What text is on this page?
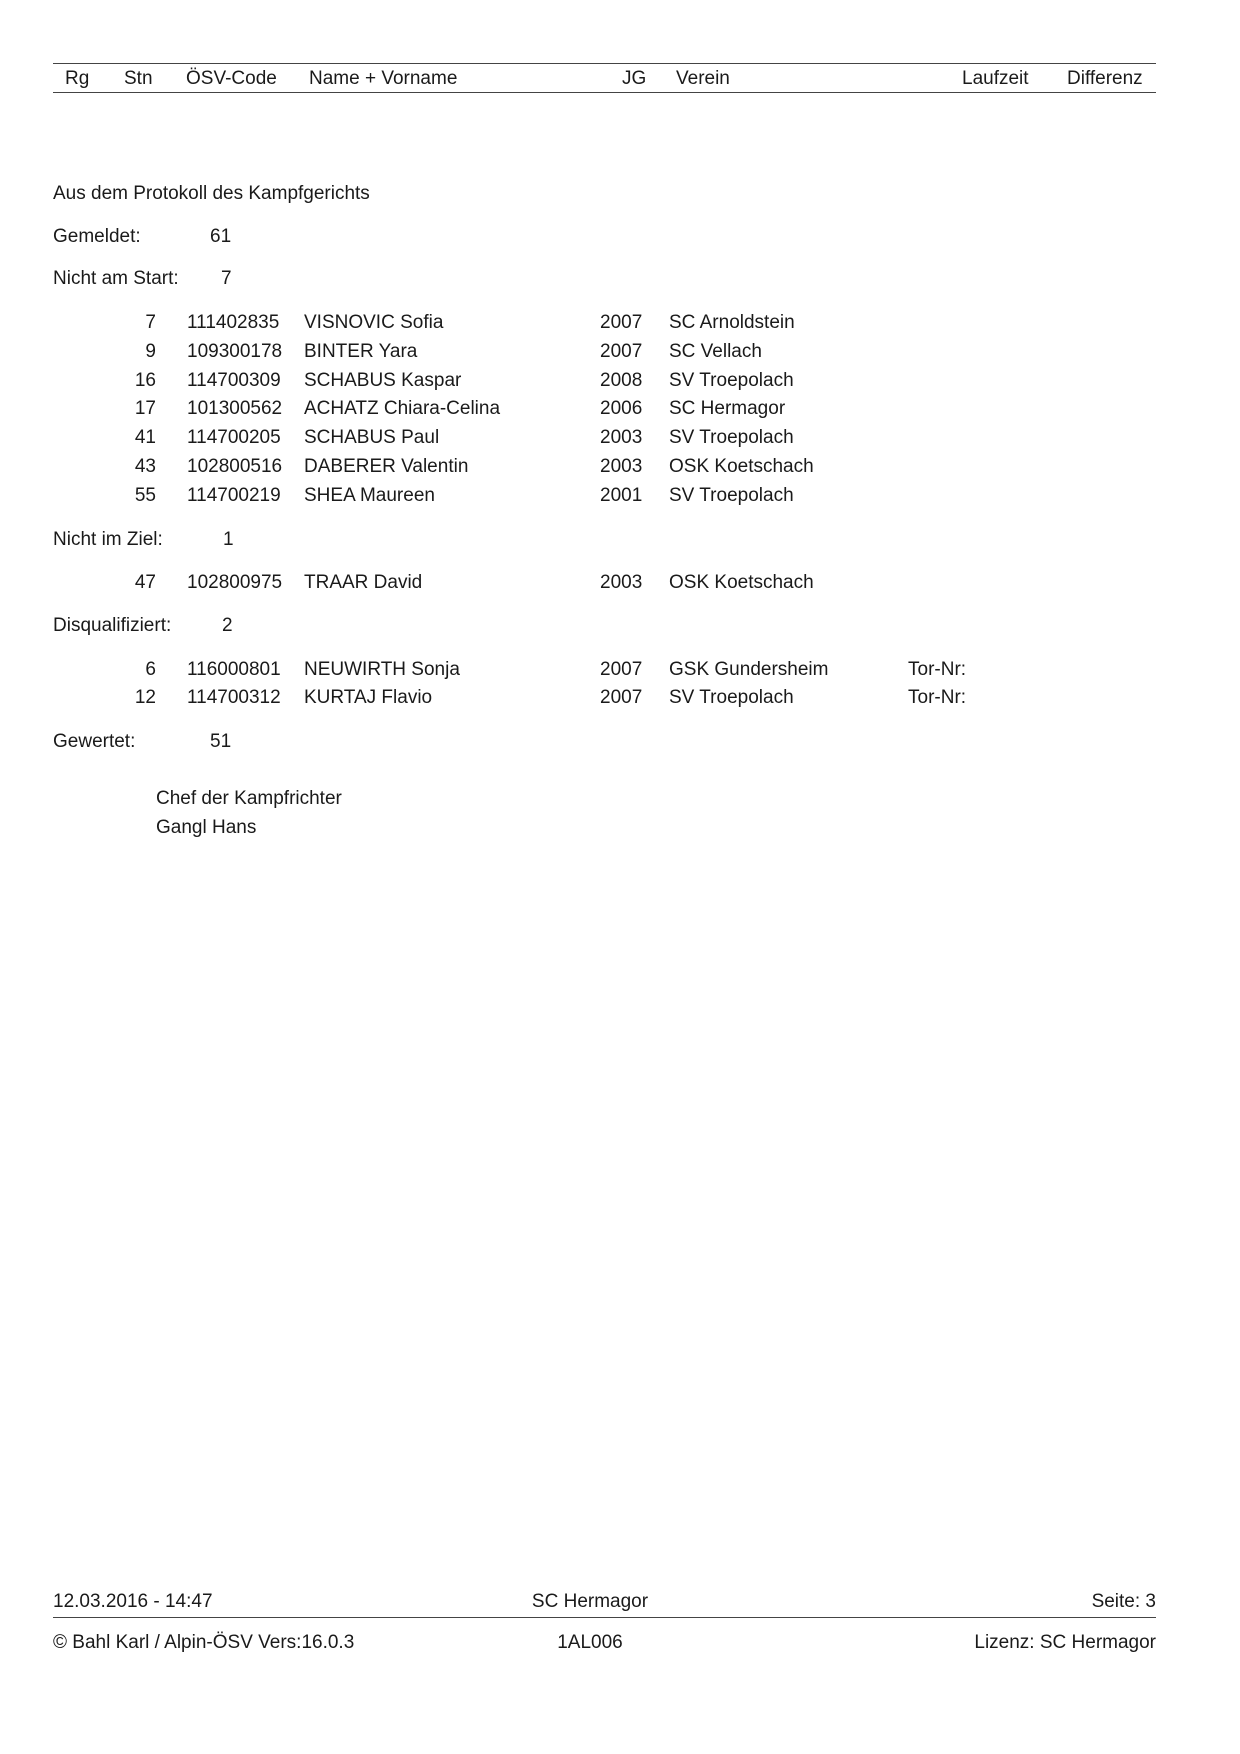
Rg Stn ÖSV-Code Name + Vorname	JG Verein	Laufzeit Differenz
Aus dem Protokoll des Kampfgerichts
Gemeldet:	61
Nicht am Start: 7
7 111402835 VISNOVIC Sofia	2007 SC Arnoldstein
9 109300178 BINTER Yara	2007 SC Vellach
16 114700309 SCHABUS Kaspar	2008 SV Troepolach
17 101300562 ACHATZ Chiara-Celina	2006 SC Hermagor
41 114700205 SCHABUS Paul	2003 SV Troepolach
43 102800516 DABERER Valentin	2003 OSK Koetschach
55 114700219 SHEA Maureen	2001 SV Troepolach
Nicht im Ziel:	1
47 102800975 TRAAR David	2003 OSK Koetschach
Disqualifiziert:	2
6 116000801 NEUWIRTH Sonja	2007 GSK Gundersheim	Tor-Nr:
12 114700312 KURTAJ Flavio	2007 SV Troepolach	Tor-Nr:
Gewertet:	51
Chef der Kampfrichter
Gangl Hans
12.03.2016 - 14:47	SC Hermagor	Seite: 3
© Bahl Karl / Alpin-ÖSV Vers:16.0.3	1AL006	Lizenz: SC Hermagor
